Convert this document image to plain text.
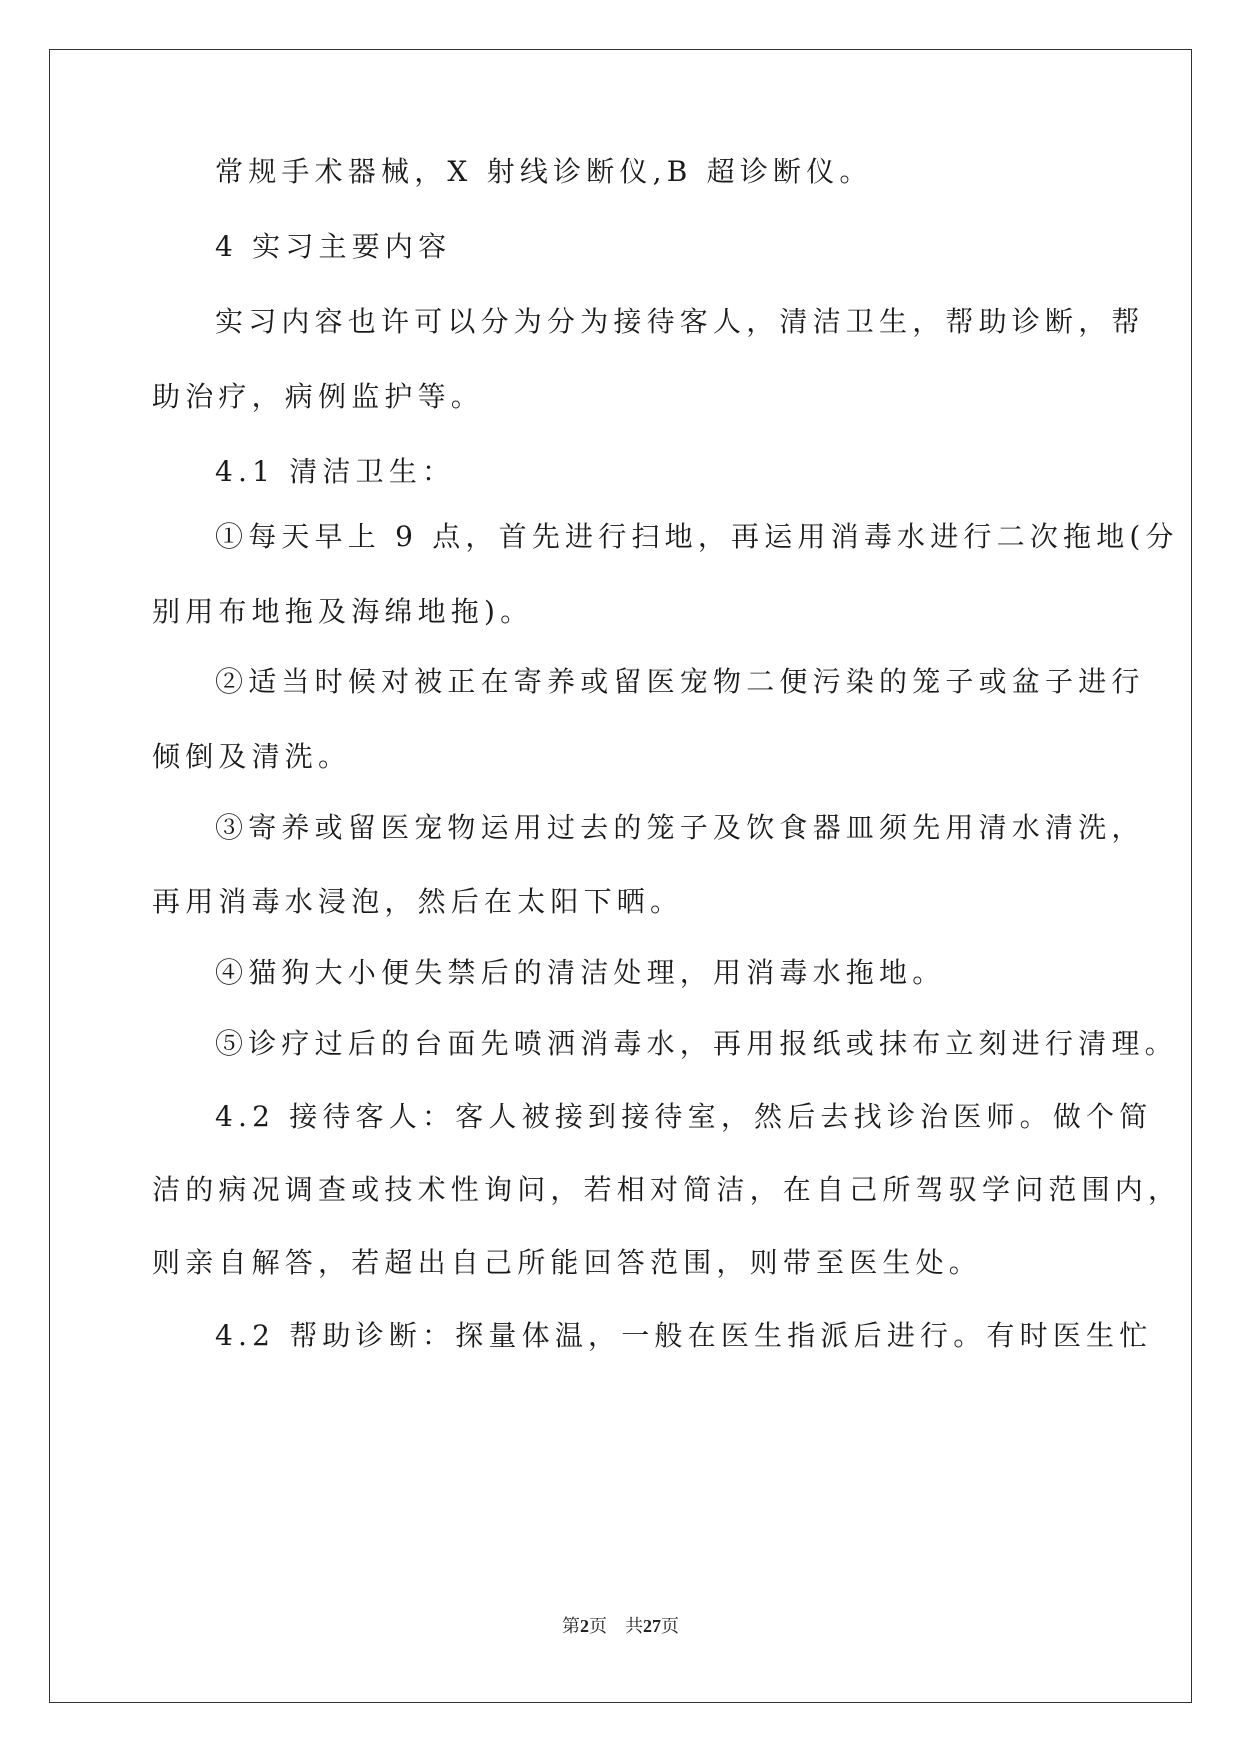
常规手术器械，X 射线诊断仪,B 超诊断仪。
4 实习主要内容
实习内容也许可以分为分为接待客人，清洁卫生，帮助诊断，帮
助治疗，病例监护等。
4.1 清洁卫生：
①每天早上 9 点，首先进行扫地，再运用消毒水进行二次拖地(分
别用布地拖及海绵地拖)。
②适当时候对被正在寄养或留医宠物二便污染的笼子或盆子进行
倾倒及清洗。
③寄养或留医宠物运用过去的笼子及饮食器皿须先用清水清洗，
再用消毒水浸泡，然后在太阳下晒。
④猫狗大小便失禁后的清洁处理，用消毒水拖地。
⑤诊疗过后的台面先喷洒消毒水，再用报纸或抹布立刻进行清理。
4.2 接待客人：客人被接到接待室，然后去找诊治医师。做个简
洁的病况调查或技术性询问，若相对简洁，在自己所驾驭学问范围内，
则亲自解答，若超出自己所能回答范围，则带至医生处。
4.2 帮助诊断：探量体温，一般在医生指派后进行。有时医生忙
第2页　共27页
